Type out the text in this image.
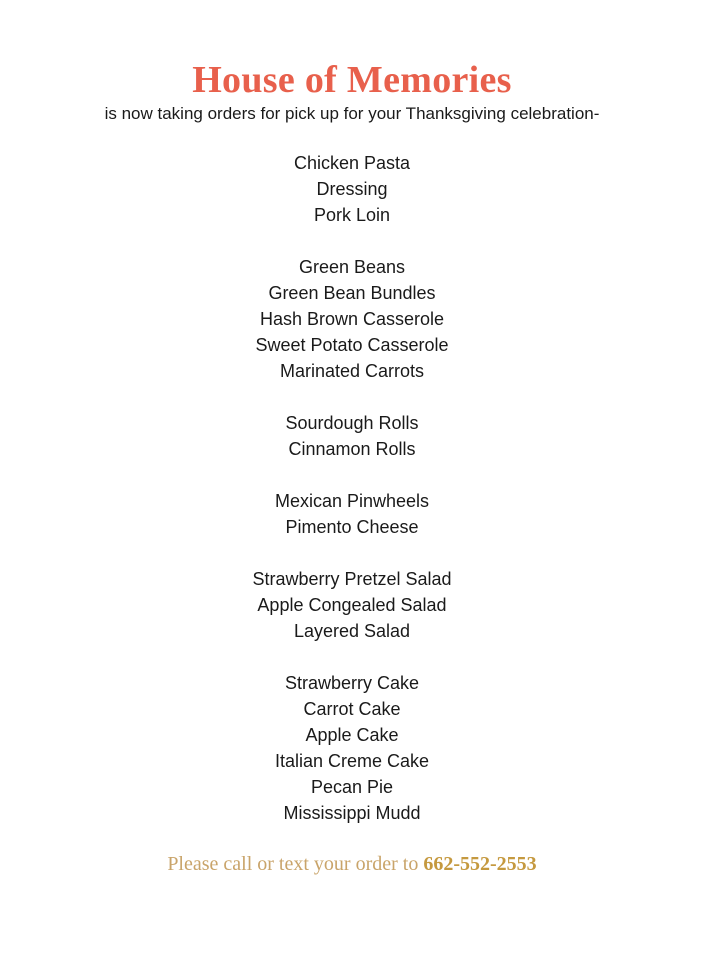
House of Memories
is now taking orders for pick up for your Thanksgiving celebration-
Chicken Pasta
Dressing
Pork Loin
Green Beans
Green Bean Bundles
Hash Brown Casserole
Sweet Potato Casserole
Marinated Carrots
Sourdough Rolls
Cinnamon Rolls
Mexican Pinwheels
Pimento Cheese
Strawberry Pretzel Salad
Apple Congealed Salad
Layered Salad
Strawberry Cake
Carrot Cake
Apple Cake
Italian Creme Cake
Pecan Pie
Mississippi Mudd
Please call or text your order to 662-552-2553
